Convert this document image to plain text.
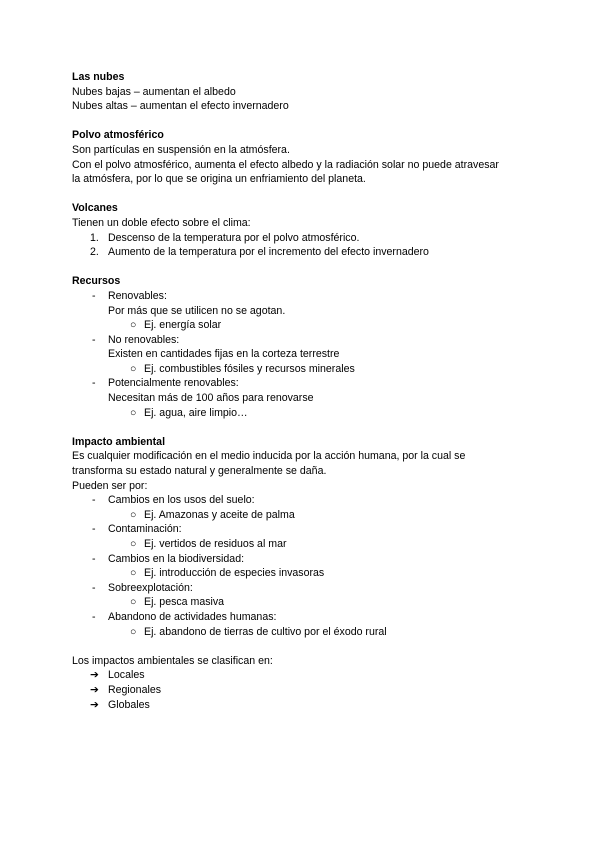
Las nubes

Nubes bajas – aumentan el albedo

Nubes altas – aumentan el efecto invernadero

Polvo atmosférico

Son partículas en suspensión en la atmósfera.

Con el polvo atmosférico, aumenta el efecto albedo y la radiación solar no puede atravesar

la atmósfera, por lo que se origina un enfriamiento del planeta.

Volcanes

Tienen un doble efecto sobre el clima:

1. Descenso de la temperatura por el polvo atmosférico.

2. Aumento de la temperatura por el incremento del efecto invernadero

Recursos

-	Renovables:

Por más que se utilicen no se agotan.

○ Ej. energía solar

-	No renovables:

Existen en cantidades fijas en la corteza terrestre

○ Ej. combustibles fósiles y recursos minerales

-	Potencialmente renovables:

Necesitan más de 100 años para renovarse

○ Ej. agua, aire limpio…

Impacto ambiental

Es cualquier modificación en el medio inducida por la acción humana, por la cual se

transforma su estado natural y generalmente se daña.

Pueden ser por:

-	Cambios en los usos del suelo:

○ Ej. Amazonas y aceite de palma

-	Contaminación:

○ Ej. vertidos de residuos al mar

-	Cambios en la biodiversidad:

○ Ej. introducción de especies invasoras

-	Sobreexplotación:

○ Ej. pesca masiva

-	Abandono de actividades humanas:

○ Ej. abandono de tierras de cultivo por el éxodo rural

Los impactos ambientales se clasifican en:

➔ Locales

➔ Regionales

➔ Globales
